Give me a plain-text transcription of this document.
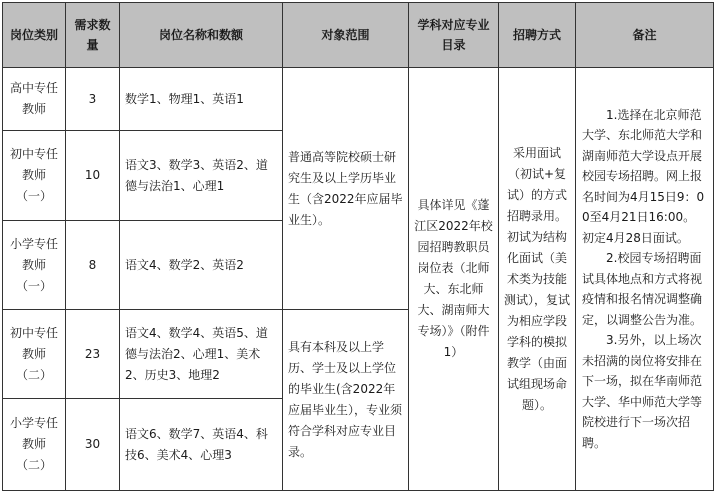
岗位类别	需求数量	岗位名称和数额	对象范围	学科对应专业 目录	招聘方式	备注
高中专任教师	3	数学1、物理1、英语1	普通高等院校硕士研究生及以上学历毕业生（含2022年应届毕业生）。	具体详见《蓬江区2022年校园招聘教职员岗位表（北师大、东北师大、湖南师大专场）》（附件1）	采用面试（初试+复试）的方式招聘录用。初试为结构化面试（美术类为技能测试），复试为相应学段学科的模拟教学（由面试组现场命题）。	1.选择在北京师范大学、东北师范大学和湖南师范大学设点开展校园专场招聘。网上报名时间为4月15日9：00至4月21日16:00。初定4月28日面试。
2.校园专场招聘面试具体地点和方式将视疫情和报名情况调整确定，以调整公告为准。
3.另外，以上场次未招满的岗位将安排在下一场，拟在华南师范大学、华中师范大学等院校进行下一场次招聘。

初中专任教师（一）	10	语文3、数学3、英语2、道德与法治1、心理1				
小学专任教师（一）	8	语文4、数学2、英语2				
初中专任教师（二）	23	语文4、数学4、英语5、道德与法治2、心理1、美术2、历史3、地理2	具有本科及以上学历、学士及以上学位的毕业生(含2022年应届毕业生），专业须符合学科对应专业目录。			
小学专任教师（二）	30	语文6、数学7、英语4、科技6、美术4、心理3				
